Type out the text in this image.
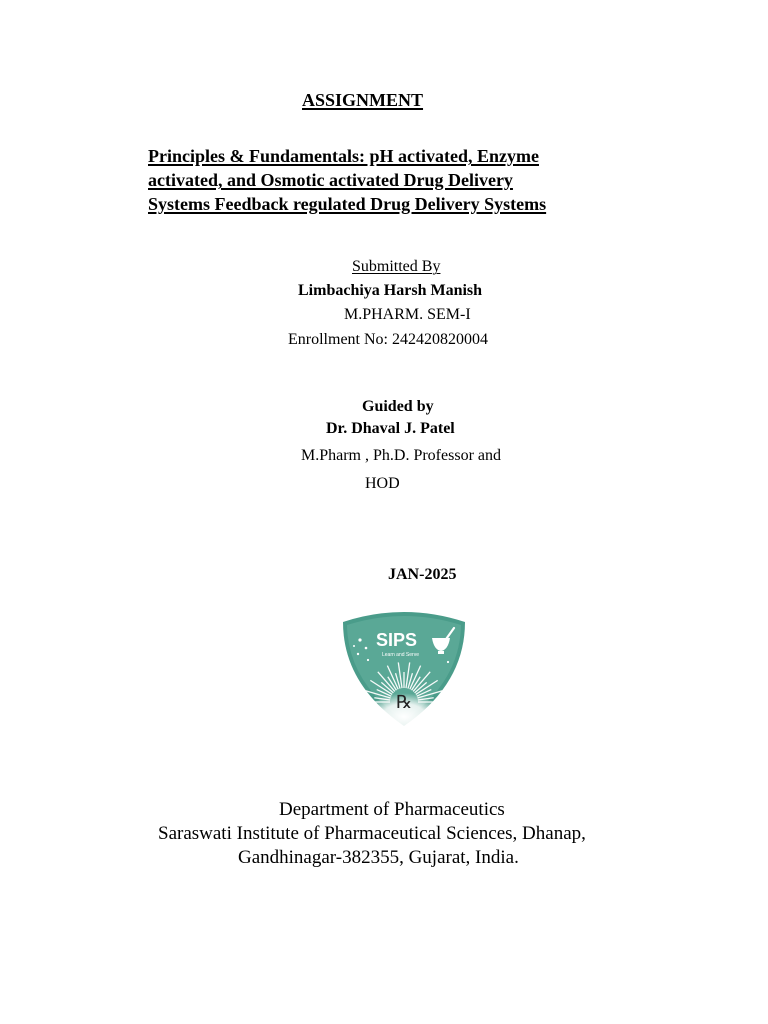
ASSIGNMENT
Principles & Fundamentals: pH activated, Enzyme
activated, and Osmotic activated Drug Delivery
Systems Feedback regulated Drug Delivery Systems
Submitted By
Limbachiya Harsh Manish
M.PHARM. SEM-I
Enrollment No: 242420820004
Guided by
Dr. Dhaval J. Patel
M.Pharm , Ph.D. Professor and
HOD
JAN-2025
SIPS
Learn and Serve
℞
Department of Pharmaceutics
Saraswati Institute of Pharmaceutical Sciences, Dhanap,
Gandhinagar-382355, Gujarat, India.
